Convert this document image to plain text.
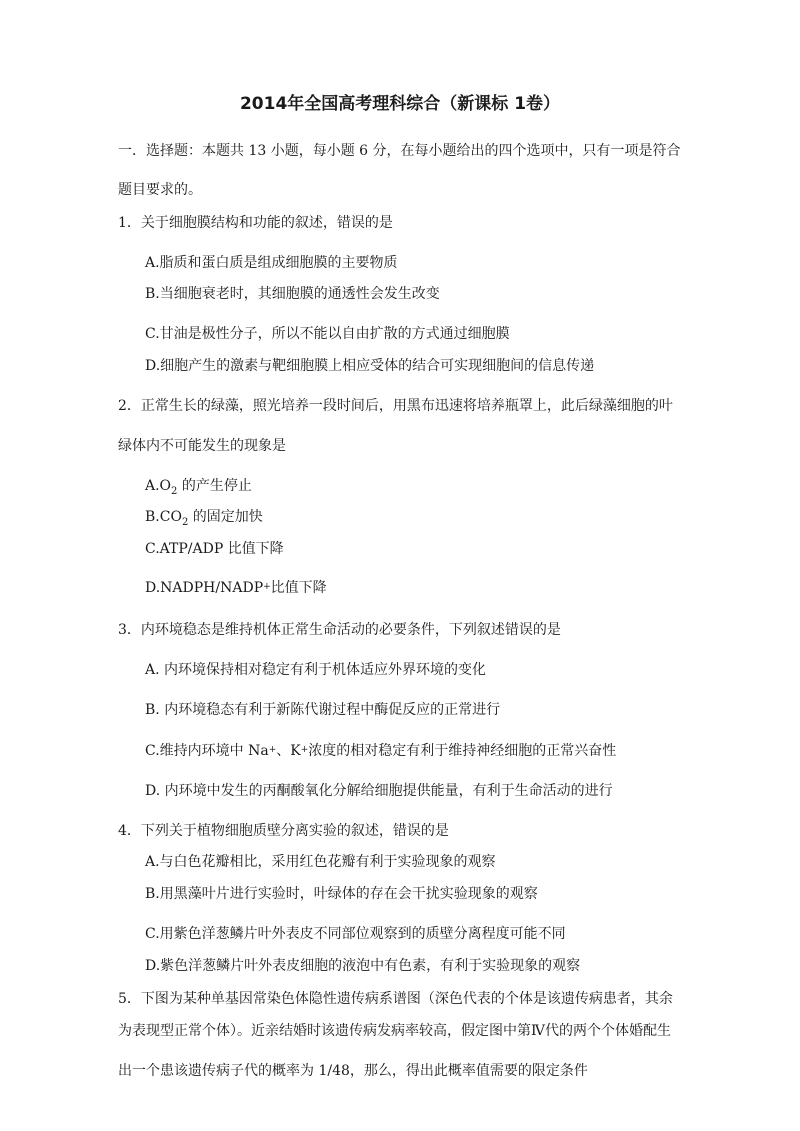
2014年全国高考理科综合（新课标 1卷）
一．选择题：本题共 13 小题，每小题 6 分，在每小题给出的四个选项中，只有一项是符合
题目要求的。
1．关于细胞膜结构和功能的叙述，错误的是
A.脂质和蛋白质是组成细胞膜的主要物质
B.当细胞衰老时，其细胞膜的通透性会发生改变
C.甘油是极性分子，所以不能以自由扩散的方式通过细胞膜
D.细胞产生的激素与靶细胞膜上相应受体的结合可实现细胞间的信息传递
2．正常生长的绿藻，照光培养一段时间后，用黑布迅速将培养瓶罩上，此后绿藻细胞的叶
绿体内不可能发生的现象是
$A.O_2$ 的产生停止
$B.CO_2$ 的固定加快
C.ATP/ADP 比值下降
D.NADPH/NADP+比值下降
3．内环境稳态是维持机体正常生命活动的必要条件，下列叙述错误的是
A. 内环境保持相对稳定有利于机体适应外界环境的变化
B. 内环境稳态有利于新陈代谢过程中酶促反应的正常进行
C.维持内环境中 Na+、K+浓度的相对稳定有利于维持神经细胞的正常兴奋性
D. 内环境中发生的丙酮酸氧化分解给细胞提供能量，有利于生命活动的进行
4．下列关于植物细胞质壁分离实验的叙述，错误的是
A.与白色花瓣相比，采用红色花瓣有利于实验现象的观察
B.用黑藻叶片进行实验时，叶绿体的存在会干扰实验现象的观察
C.用紫色洋葱鳞片叶外表皮不同部位观察到的质壁分离程度可能不同
D.紫色洋葱鳞片叶外表皮细胞的液泡中有色素，有利于实验现象的观察
5．下图为某种单基因常染色体隐性遗传病系谱图（深色代表的个体是该遗传病患者，其余
为表现型正常个体）。近亲结婚时该遗传病发病率较高，假定图中第Ⅳ代的两个个体婚配生
出一个患该遗传病子代的概率为 1/48，那么，得出此概率值需要的限定条件
